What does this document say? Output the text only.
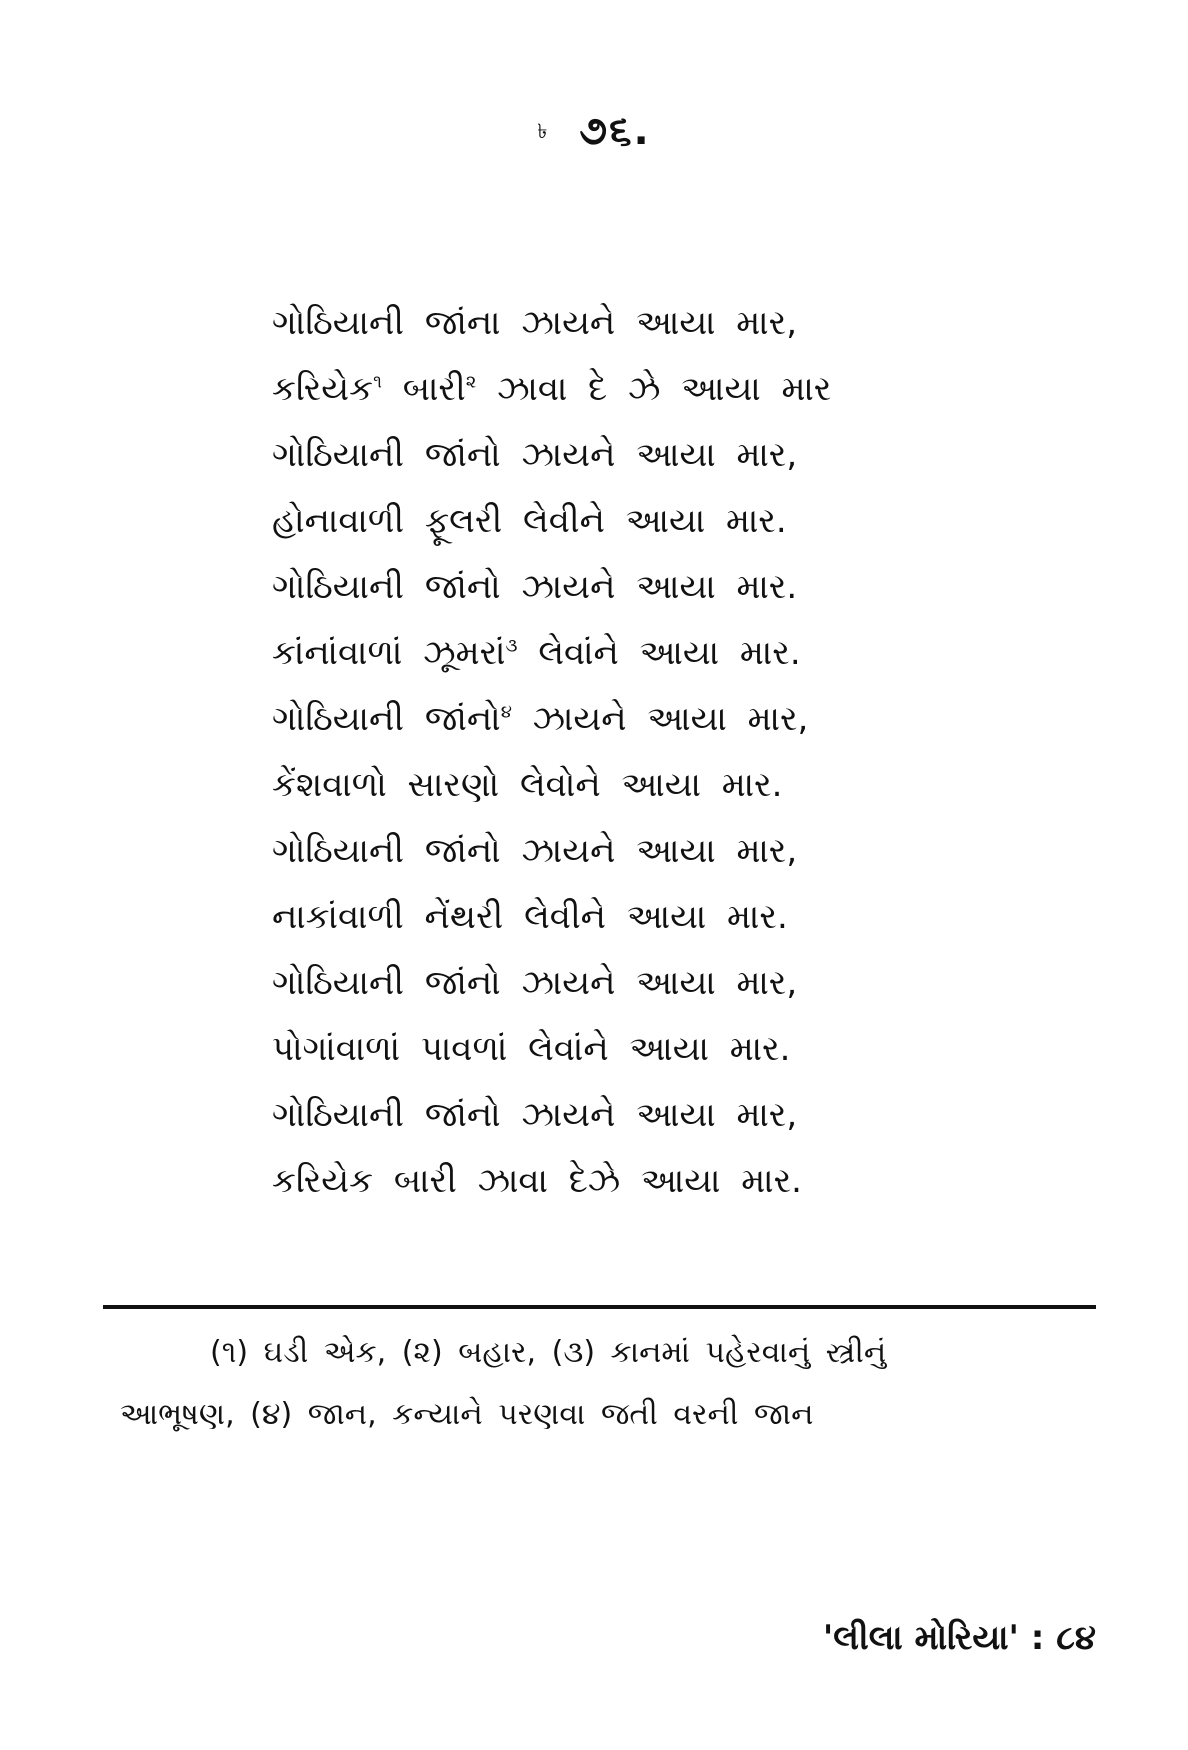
৳ ૭૬.
ગોઠિયાની જાંના ઝાયને આયા માર,
કરિયેક$^૧$ બારી$^૨$ ઝાવા દે ઝે આયા માર
ગોઠિયાની જાંનો ઝાયને આયા માર,
હોનાવાળી ફૂલરી લેવીને આયા માર.
ગોઠિયાની જાંનો ઝાયને આયા માર.
કાંનાંવાળાં ઝૂમરાં$^૩$ લેવાંને આયા માર.
ગોઠિયાની જાંનો$^૪$ ઝાયને આયા માર,
કેંશવાળો સારણો લેવોને આયા માર.
ગોઠિયાની જાંનો ઝાયને આયા માર,
નાકાંવાળી નેંથરી લેવીને આયા માર.
ગોઠિયાની જાંનો ઝાયને આયા માર,
પોગાંવાળાં પાવળાં લેવાંને આયા માર.
ગોઠિયાની જાંનો ઝાયને આયા માર,
કરિયેક બારી ઝાવા દેઝે આયા માર.
(૧) ઘડી એક, (૨) બહાર, (૩) કાનમાં પહેરવાનું સ્ત્રીનું
આભૂષણ, (૪) જાન, કન્યાને પરણવા જતી વરની જાન
'લીલા મોરિયા' : ૮૪
